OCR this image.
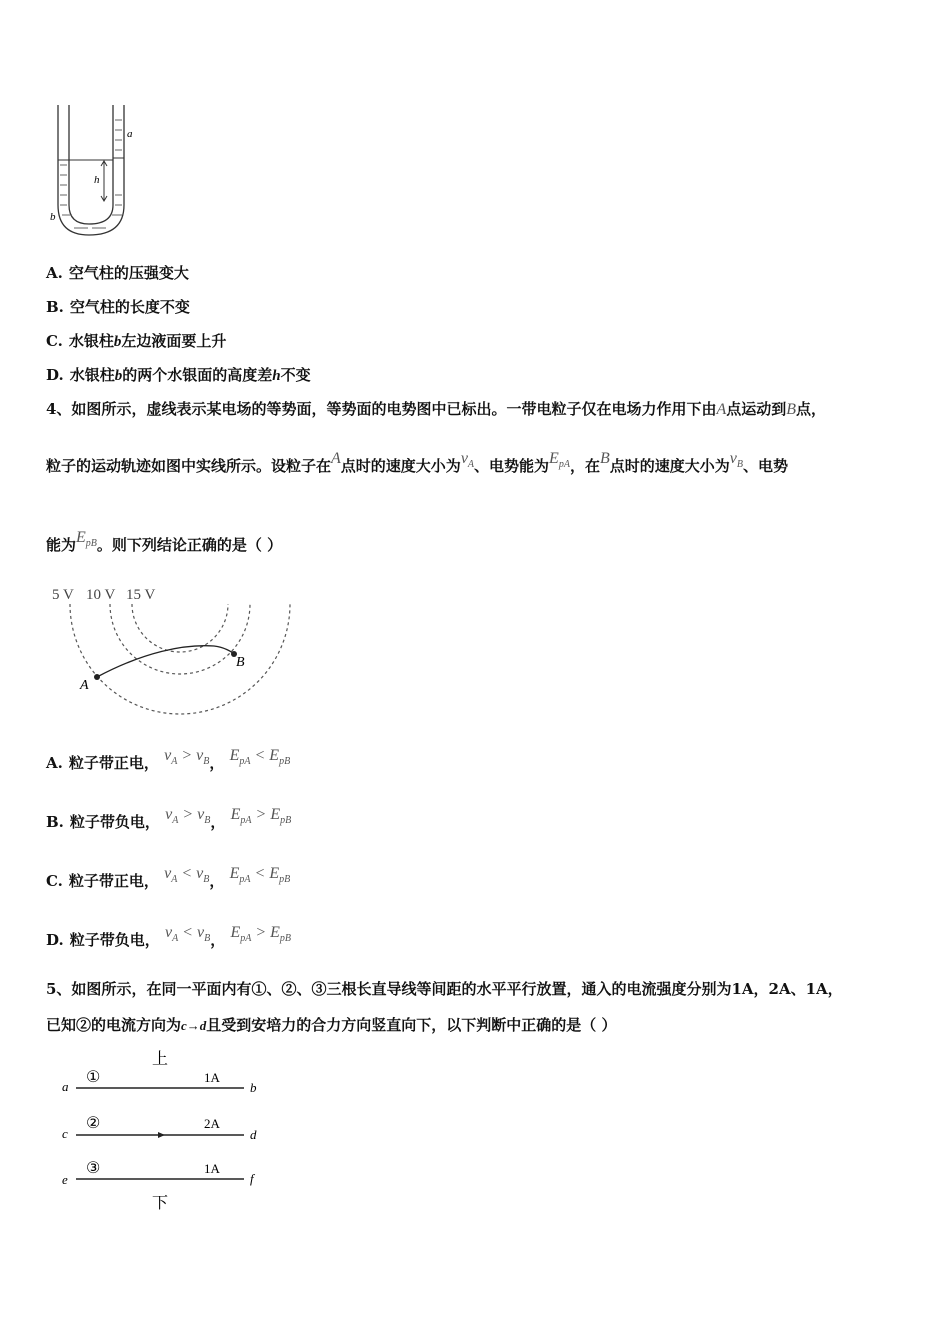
h
a
b
A. 空气柱的压强变大
B. 空气柱的长度不变
C. 水银柱b左边液面要上升
D. 水银柱b的两个水银面的高度差h不变
4、如图所示，虚线表示某电场的等势面，等势面的电势图中已标出。一带电粒子仅在电场力作用下由A点运动到B点，
粒子的运动轨迹如图中实线所示。设粒子在A点时的速度大小为$v_A$、电势能为$E_{pA}$，在B点时的速度大小为$v_B$、电势
能为$E_{pB}$。则下列结论正确的是（ ）
5 V 10 V 15 V
A
B
A. 粒子带正电， $v_A > v_B$， $E_{pA} < E_{pB}$
B. 粒子带负电， $v_A > v_B$， $E_{pA} > E_{pB}$
C. 粒子带正电， $v_A < v_B$， $E_{pA} < E_{pB}$
D. 粒子带负电， $v_A < v_B$， $E_{pA} > E_{pB}$
5、如图所示，在同一平面内有①、②、③三根长直导线等间距的水平平行放置，通入的电流强度分别为1A，2A、1A，
已知②的电流方向为c→d且受到安培力的合力方向竖直向下，以下判断中正确的是（ ）
上
下
a
①	1A
b
c
②	2A
d
e
③	1A
f
